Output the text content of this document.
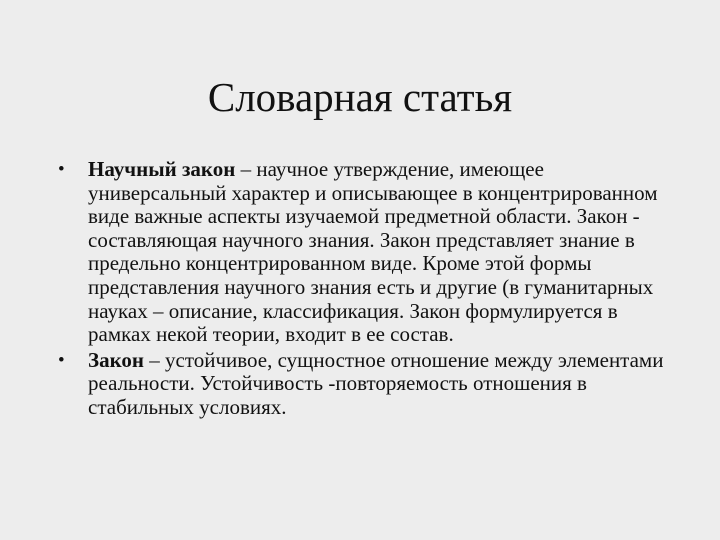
Словарная статья
• Научный закон – научное утверждение, имеющее универсальный характер и описывающее в концентрированном виде важные аспекты изучаемой предметной области. Закон - составляющая научного знания. Закон представляет знание в предельно концентрированном виде. Кроме этой формы представления научного знания есть и другие (в гуманитарных науках – описание, классификация. Закон формулируется в рамках некой теории, входит в ее состав.
• Закон – устойчивое, сущностное отношение между элементами реальности. Устойчивость -повторяемость отношения в стабильных условиях.
